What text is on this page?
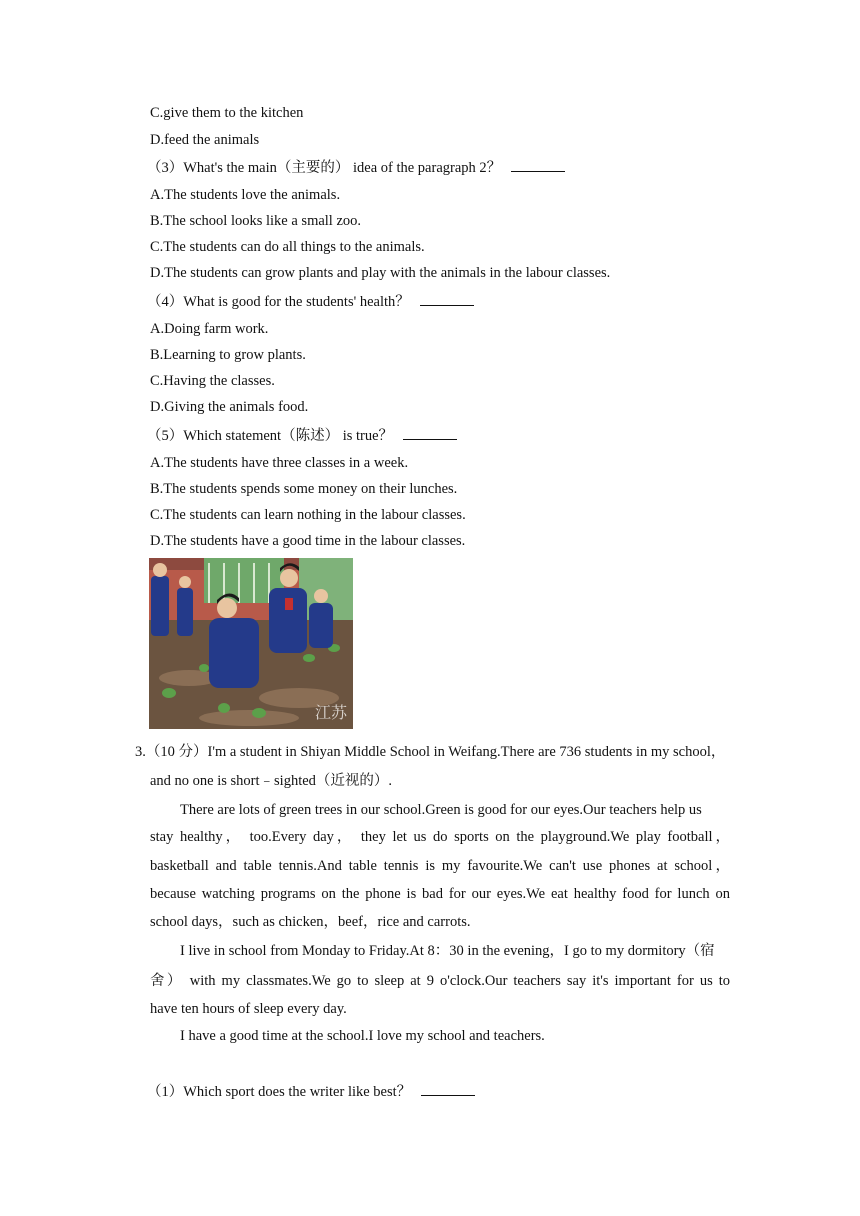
C.give them to the kitchen
D.feed the animals
（3）What's the main（主要的） idea of the paragraph 2？
A.The students love the animals.
B.The school looks like a small zoo.
C.The students can do all things to the animals.
D.The students can grow plants and play with the animals in the labour classes.
（4）What is good for the students' health？
A.Doing farm work.
B.Learning to grow plants.
C.Having the classes.
D.Giving the animals food.
（5）Which statement（陈述） is true？
A.The students have three classes in a week.
B.The students spends some money on their lunches.
C.The students can learn nothing in the labour classes.
D.The students have a good time in the labour classes.
江苏
3.（10 分）I'm a student in Shiyan Middle School in Weifang.There are 736 students in my school，
and no one is short﹣sighted（近视的）.
There are lots of green trees in our school.Green is good for our eyes.Our teachers help us
stay healthy， too.Every day， they let us do sports on the playground.We play football，
basketball and table tennis.And table tennis is my favourite.We can't use phones at school，
because watching programs on the phone is bad for our eyes.We eat healthy food for lunch on
school days，such as chicken，beef，rice and carrots.
I live in school from Monday to Friday.At 8：30 in the evening，I go to my dormitory（宿
舍） with my classmates.We go to sleep at 9 o'clock.Our teachers say it's important for us to
have ten hours of sleep every day.
I have a good time at the school.I love my school and teachers.
（1）Which sport does the writer like best？
